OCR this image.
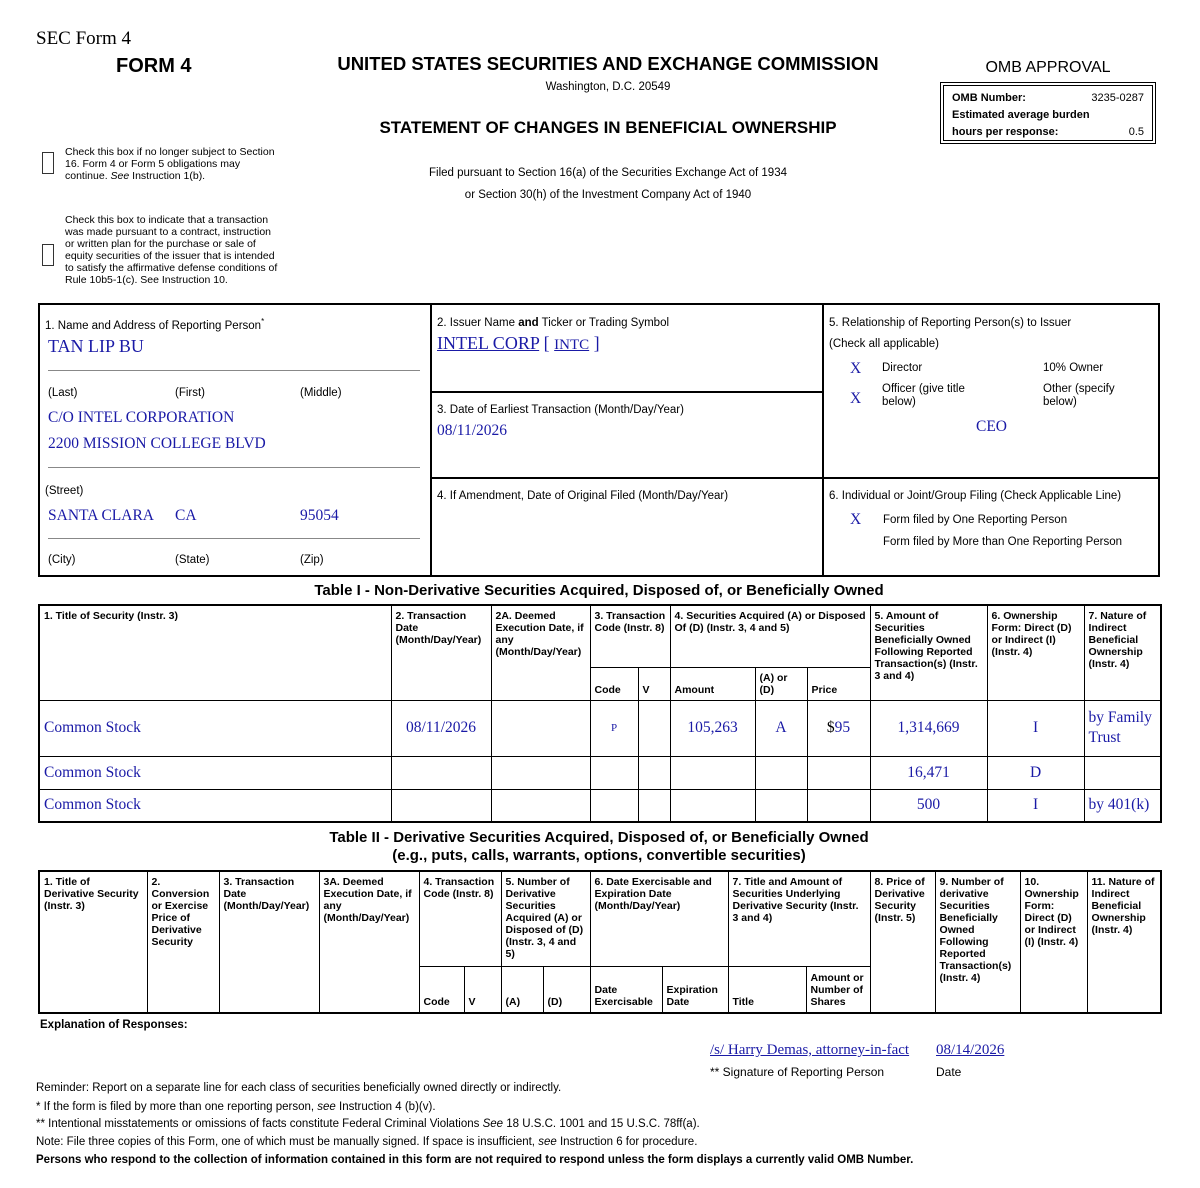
SEC Form 4
FORM 4	UNITED STATES SECURITIES AND EXCHANGE COMMISSION
Washington, D.C. 20549
STATEMENT OF CHANGES IN BENEFICIAL OWNERSHIP
Filed pursuant to Section 16(a) of the Securities Exchange Act of 1934
or Section 30(h) of the Investment Company Act of 1940
OMB APPROVAL
OMB Number:	3235-0287
Estimated average burden
hours per response:	0.5
Check this box if no longer subject to Section 16. Form 4 or Form 5 obligations may continue. See Instruction 1(b).
Check this box to indicate that a transaction was made pursuant to a contract, instruction or written plan for the purchase or sale of equity securities of the issuer that is intended to satisfy the affirmative defense conditions of Rule 10b5-1(c). See Instruction 10.
1. Name and Address of Reporting Person*
TAN LIP BU
(Last)	(First)	(Middle)
C/O INTEL CORPORATION
2200 MISSION COLLEGE BLVD
(Street)
SANTA CLARA CA	95054
(City)	(State)	(Zip)
2. Issuer Name and Ticker or Trading Symbol
INTEL CORP [ INTC ]
3. Date of Earliest Transaction (Month/Day/Year)
08/11/2026
4. If Amendment, Date of Original Filed (Month/Day/Year)
5. Relationship of Reporting Person(s) to Issuer
(Check all applicable)
X Director	10% Owner
X
Officer (give title below)
Other (specify below)
CEO
6. Individual or Joint/Group Filing (Check Applicable Line)
X Form filed by One Reporting Person
Form filed by More than One Reporting Person
Table I - Non-Derivative Securities Acquired, Disposed of, or Beneficially Owned
1. Title of Security (Instr. 3)	2. Transaction Date (Month/Day/Year)	2A. Deemed Execution Date, if any (Month/Day/Year)	3. Transaction Code (Instr. 8)		4. Securities Acquired (A) or Disposed Of (D) (Instr. 3, 4 and 5)			5. Amount of Securities Beneficially Owned Following Reported Transaction(s) (Instr. 3 and 4)	6. Ownership Form: Direct (D) or Indirect (I) (Instr. 4)	7. Nature of Indirect Beneficial Ownership (Instr. 4)
			Code	V	Amount	(A) or (D)	Price			
Common Stock	08/11/2026		P		105,263	A	$95	1,314,669	I	by Family Trust
Common Stock								16,471	D	
Common Stock								500	I	by 401(k)
Table II - Derivative Securities Acquired, Disposed of, or Beneficially Owned
(e.g., puts, calls, warrants, options, convertible securities)
1. Title of Derivative Security (Instr. 3)	2. Conversion or Exercise Price of Derivative Security	3. Transaction Date (Month/Day/Year)	3A. Deemed Execution Date, if any (Month/Day/Year)	4. Transaction Code (Instr. 8)		5. Number of Derivative Securities Acquired (A) or Disposed of (D) (Instr. 3, 4 and 5)		6. Date Exercisable and Expiration Date (Month/Day/Year)		7. Title and Amount of Securities Underlying Derivative Security (Instr. 3 and 4)		8. Price of Derivative Security (Instr. 5)	9. Number of derivative Securities Beneficially Owned Following Reported Transaction(s) (Instr. 4)	10. Ownership Form: Direct (D) or Indirect (I) (Instr. 4)	11. Nature of Indirect Beneficial Ownership (Instr. 4)
				Code	V	(A)	(D)	Date Exercisable	Expiration Date	Title	Amount or Number of Shares				
Explanation of Responses:
/s/ Harry Demas, attorney-in-fact 08/14/2026
** Signature of Reporting Person	Date
Reminder: Report on a separate line for each class of securities beneficially owned directly or indirectly.
* If the form is filed by more than one reporting person, see Instruction 4 (b)(v).
** Intentional misstatements or omissions of facts constitute Federal Criminal Violations See 18 U.S.C. 1001 and 15 U.S.C. 78ff(a).
Note: File three copies of this Form, one of which must be manually signed. If space is insufficient, see Instruction 6 for procedure.
Persons who respond to the collection of information contained in this form are not required to respond unless the form displays a currently valid OMB Number.
